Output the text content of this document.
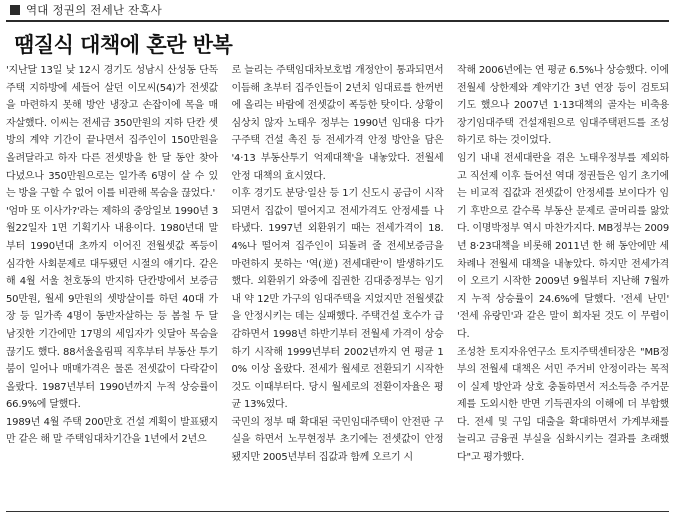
역대 정권의 전세난 잔혹사
땜질식 대책에 혼란 반복

'지난달 13일 낮 12시 경기도 성남시 산성동 단독주택 지하방에 세들어 살던 이모씨(54)가 전셋값을 마련하지 못해 방안 냉장고 손잡이에 목을 매 자살했다. 이씨는 전세금 350만원의 지하 단칸 셋방의 계약 기간이 끝나면서 집주인이 150만원을 올려달라고 하자 다른 전셋방을 한 달 동안 찾아 다녔으나 350만원으로는 일가족 6명이 살 수 있는 방을 구할 수 없어 이를 비관해 목숨을 끊었다.'

'엄마 또 이사가?'라는 제하의 중앙일보 1990년 3월22일자 1면 기획기사 내용이다. 1980년대 말부터 1990년대 초까지 이어진 전월셋값 폭등이 심각한 사회문제로 대두됐던 시절의 얘기다. 같은 해 4월 서울 천호동의 반지하 단칸방에서 보증금 50만원, 월세 9만원의 셋방살이를 하던 40대 가장 등 일가족 4명이 동반자살하는 등 봄철 두 달 남짓한 기간에만 17명의 세입자가 잇달아 목숨을 끊기도 했다. 88서울올림픽 직후부터 부동산 투기 붐이 일어나 매매가격은 물론 전셋값이 다락같이 올랐다. 1987년부터 1990년까지 누적 상승률이 66.9%에 달했다.

1989년 4월 주택 200만호 건설 계획이 발표됐지만 같은 해 말 주택임대차기간을 1년에서 2년으

로 늘리는 주택임대차보호법 개정안이 통과되면서 이듬해 초부터 집주인들이 2년치 임대료를 한꺼번에 올리는 바람에 전셋값이 폭등한 탓이다. 상황이 심상치 않자 노태우 정부는 1990년 임대용 다가구주택 건설 촉진 등 전세가격 안정 방안을 담은 '4·13 부동산투기 억제대책'을 내놓았다. 전월세 안정 대책의 효시였다.

이후 경기도 분당·일산 등 1기 신도시 공급이 시작되면서 집값이 떨어지고 전세가격도 안정세를 나타냈다. 1997년 외환위기 때는 전세가격이 18.4%나 떨어져 집주인이 되돌려 줄 전세보증금을 마련하지 못하는 '역(逆) 전세대란'이 발생하기도 했다. 외환위기 와중에 집권한 김대중정부는 임기 내 약 12만 가구의 임대주택을 지었지만 전월셋값을 안정시키는 데는 실패했다. 주택건설 호수가 급감하면서 1998년 하반기부터 전월세 가격이 상승하기 시작해 1999년부터 2002년까지 연 평균 10% 이상 올랐다. 전세가 월세로 전환되기 시작한 것도 이때부터다. 당시 월세로의 전환이자율은 평균 13%였다.

국민의 정부 때 확대된 국민임대주택이 안전판 구실을 하면서 노무현정부 초기에는 전셋값이 안정됐지만 2005년부터 집값과 함께 오르기 시

작해 2006년에는 연 평균 6.5%나 상승했다. 이에 전월세 상한제와 계약기간 3년 연장 등이 검토되기도 했으나 2007년 1·13대책의 골자는 비축용 장기임대주택 건설재원으로 임대주택펀드를 조성하기로 하는 것이었다.

임기 내내 전세대란을 겪은 노태우정부를 제외하고 직선제 이후 들어선 역대 정권들은 임기 초기에는 비교적 집값과 전셋값이 안정세를 보이다가 임기 후반으로 갈수록 부동산 문제로 골머리를 앓았다. 이명박정부 역시 마찬가지다. MB정부는 2009년 8·23대책을 비롯해 2011년 한 해 동안에만 세 차례나 전월세 대책을 내놓았다. 하지만 전세가격이 오르기 시작한 2009년 9월부터 지난해 7월까지 누적 상승률이 24.6%에 달했다. '전세 난민' '전세 유랑민'과 같은 말이 회자된 것도 이 무렵이다.

조성찬 토지자유연구소 토지주택센터장은 "MB정부의 전월세 대책은 서민 주거비 안정이라는 목적이 실제 방안과 상호 충돌하면서 저소득층 주거문제를 도외시한 반면 기득권자의 이해에 더 부합했다. 전세 및 구입 대출을 확대하면서 가계부채를 늘리고 금융권 부실을 심화시키는 결과를 초래했다"고 평가했다.
